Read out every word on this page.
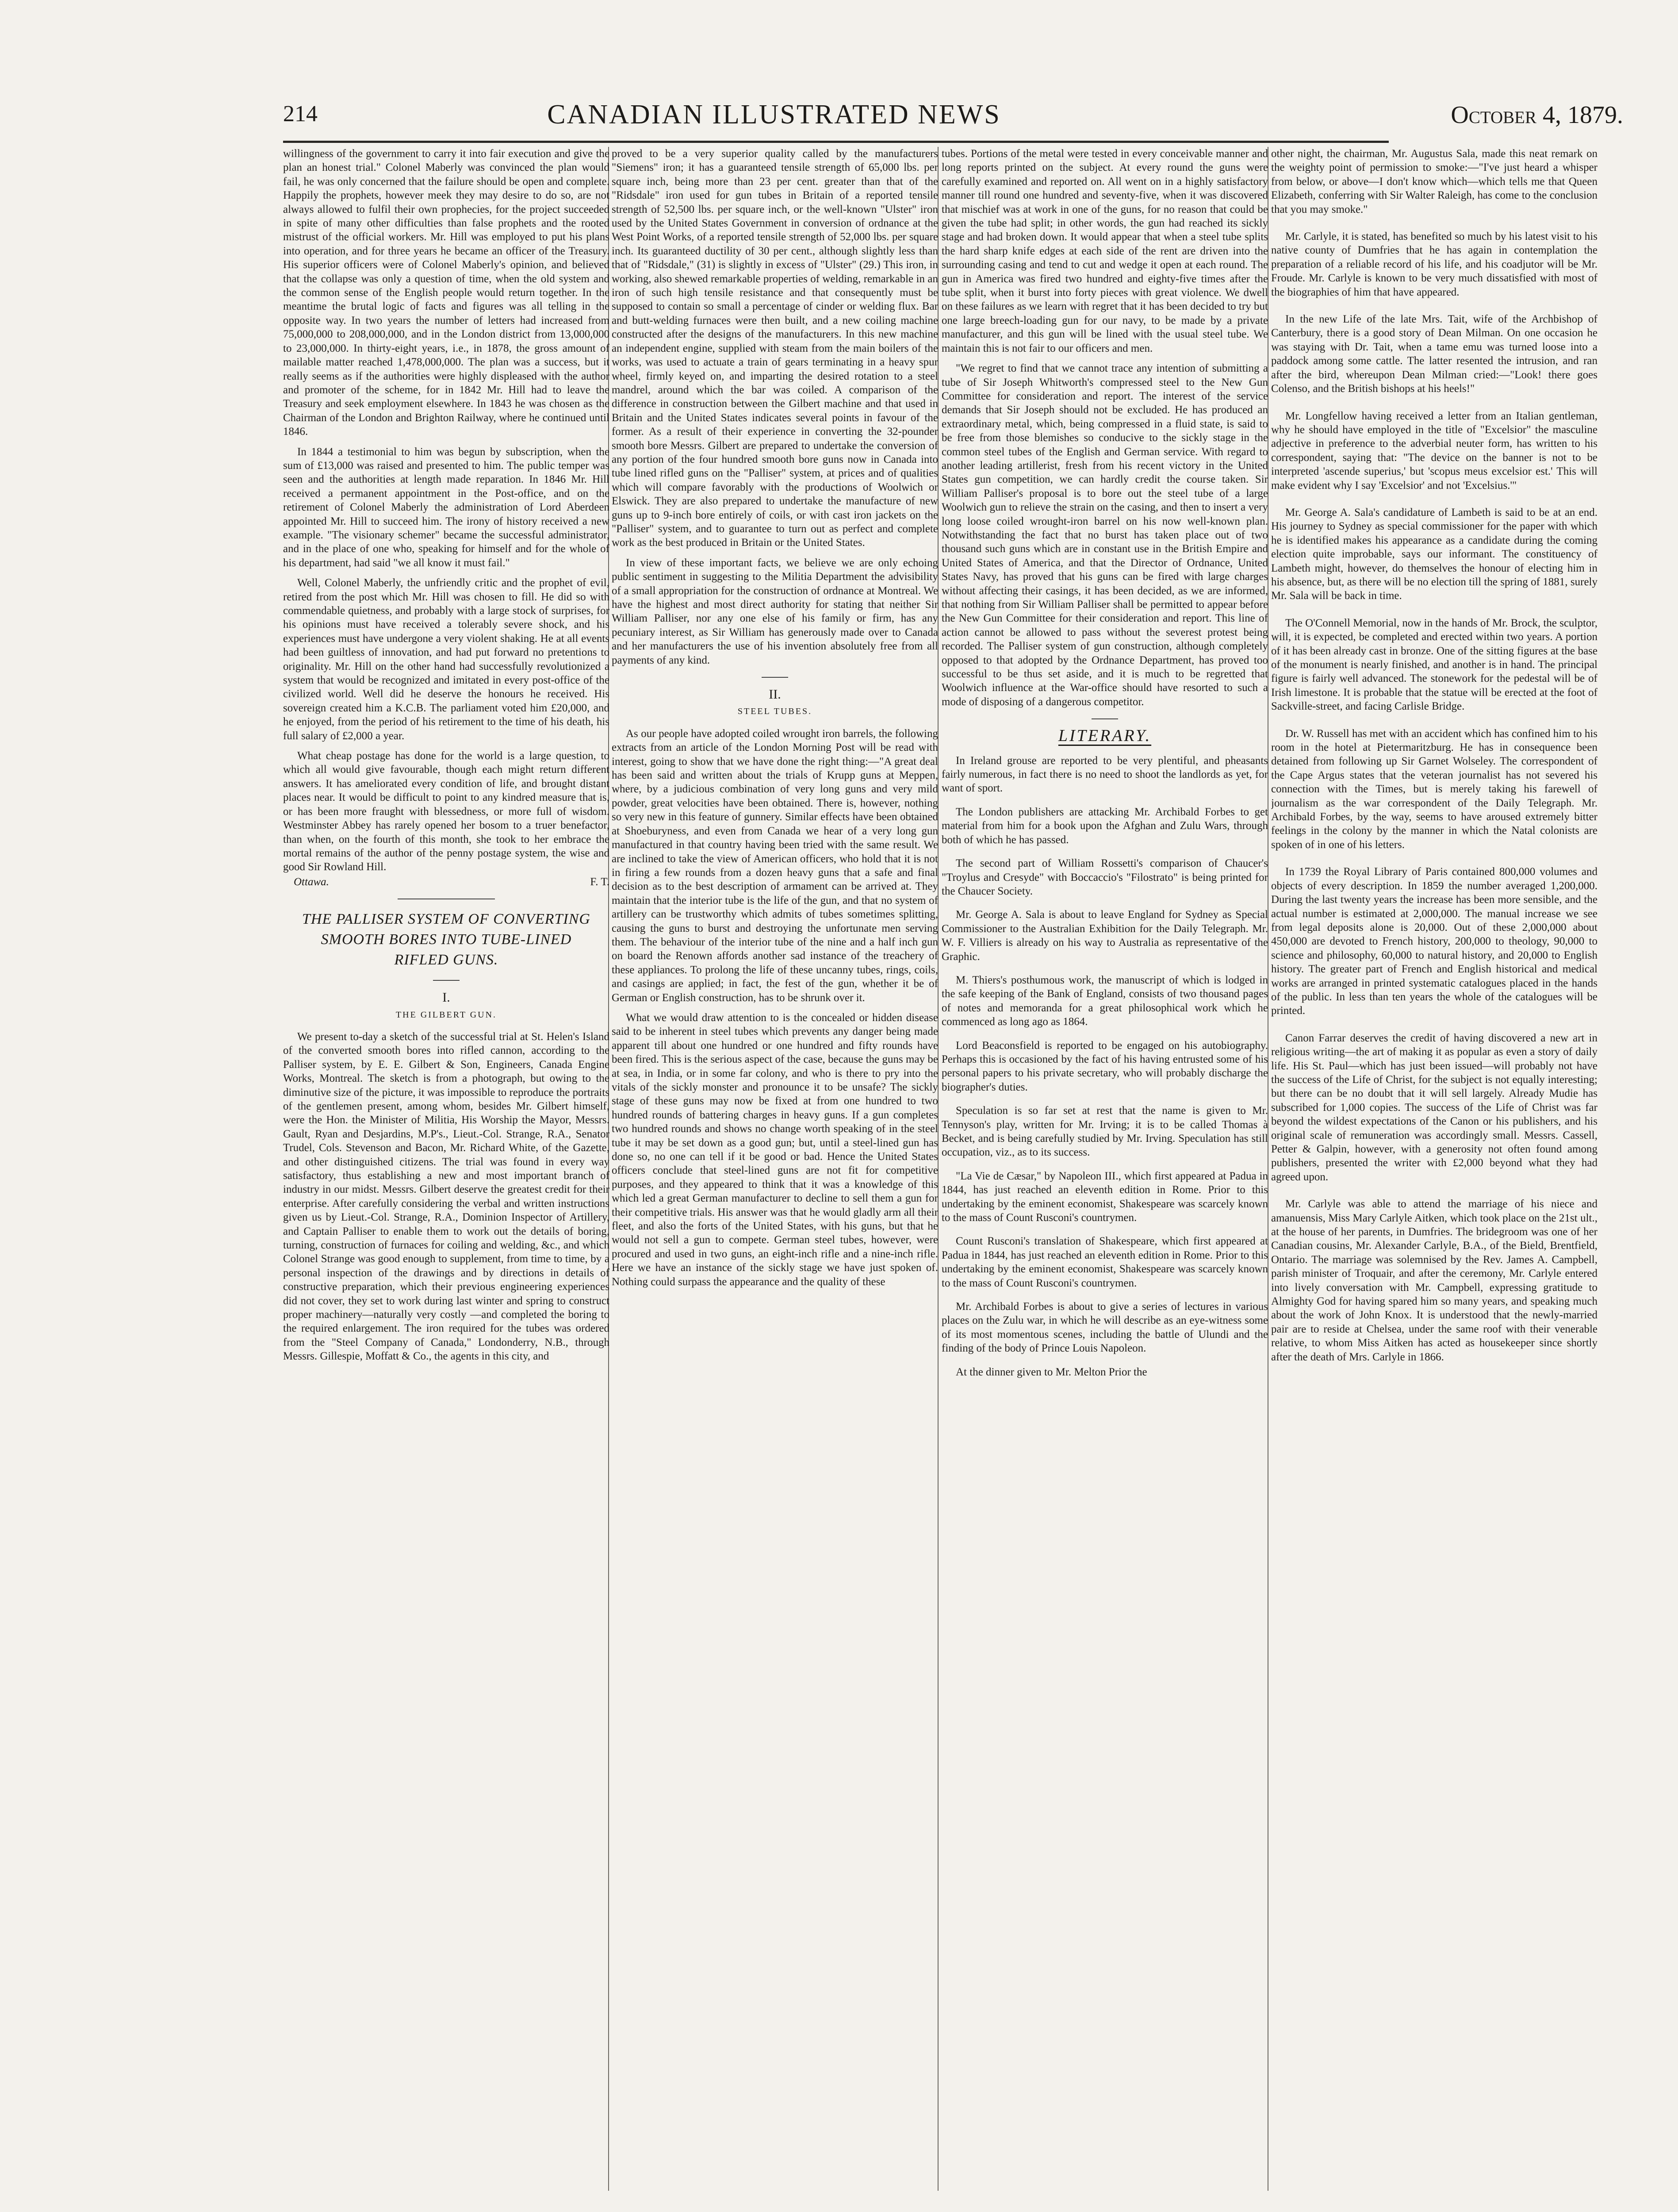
214	CANADIAN ILLUSTRATED NEWS	October 4, 1879.

willingness of the government to carry it into fair execution and give the plan an honest trial." Colonel Maberly was convinced the plan would fail, he was only concerned that the failure should be open and complete. Happily the prophets, however meek they may desire to do so, are not always allowed to fulfil their own prophecies, for the project succeeded in spite of many other difficulties than false prophets and the rooted mistrust of the official workers. Mr. Hill was employed to put his plans into operation, and for three years he became an officer of the Treasury. His superior officers were of Colonel Maberly's opinion, and believed that the collapse was only a question of time, when the old system and the common sense of the English people would return together. In the meantime the brutal logic of facts and figures was all telling in the opposite way. In two years the number of letters had increased from 75,000,000 to 208,000,000, and in the London district from 13,000,000 to 23,000,000. In thirty-eight years, i.e., in 1878, the gross amount of mailable matter reached 1,478,000,000. The plan was a success, but it really seems as if the authorities were highly displeased with the author and promoter of the scheme, for in 1842 Mr. Hill had to leave the Treasury and seek employment elsewhere. In 1843 he was chosen as the Chairman of the London and Brighton Railway, where he continued until 1846.

In 1844 a testimonial to him was begun by subscription, when the sum of £13,000 was raised and presented to him. The public temper was seen and the authorities at length made reparation. In 1846 Mr. Hill received a permanent appointment in the Post-office, and on the retirement of Colonel Maberly the administration of Lord Aberdeen appointed Mr. Hill to succeed him. The irony of history received a new example. "The visionary schemer" became the successful administrator, and in the place of one who, speaking for himself and for the whole of his department, had said "we all know it must fail."

Well, Colonel Maberly, the unfriendly critic and the prophet of evil, retired from the post which Mr. Hill was chosen to fill. He did so with commendable quietness, and probably with a large stock of surprises, for his opinions must have received a tolerably severe shock, and his experiences must have undergone a very violent shaking. He at all events had been guiltless of innovation, and had put forward no pretentions to originality. Mr. Hill on the other hand had successfully revolutionized a system that would be recognized and imitated in every post-office of the civilized world. Well did he deserve the honours he received. His sovereign created him a K.C.B. The parliament voted him £20,000, and he enjoyed, from the period of his retirement to the time of his death, his full salary of £2,000 a year.

What cheap postage has done for the world is a large question, to which all would give favourable, though each might return different answers. It has ameliorated every condition of life, and brought distant places near. It would be difficult to point to any kindred measure that is, or has been more fraught with blessedness, or more full of wisdom. Westminster Abbey has rarely opened her bosom to a truer benefactor, than when, on the fourth of this month, she took to her embrace the mortal remains of the author of the penny postage system, the wise and good Sir Rowland Hill.

Ottawa.	F. T.
THE PALLISER SYSTEM OF CONVERTING SMOOTH BORES INTO TUBE-LINED RIFLED GUNS.
I.
THE GILBERT GUN.

We present to-day a sketch of the successful trial at St. Helen's Island of the converted smooth bores into rifled cannon, according to the Palliser system, by E. E. Gilbert & Son, Engineers, Canada Engine Works, Montreal. The sketch is from a photograph, but owing to the diminutive size of the picture, it was impossible to reproduce the portraits of the gentlemen present, among whom, besides Mr. Gilbert himself, were the Hon. the Minister of Militia, His Worship the Mayor, Messrs. Gault, Ryan and Desjardins, M.P's., Lieut.-Col. Strange, R.A., Senator Trudel, Cols. Stevenson and Bacon, Mr. Richard White, of the Gazette, and other distinguished citizens. The trial was found in every way satisfactory, thus establishing a new and most important branch of industry in our midst. Messrs. Gilbert deserve the greatest credit for their enterprise. After carefully considering the verbal and written instructions given us by Lieut.-Col. Strange, R.A., Dominion Inspector of Artillery, and Captain Palliser to enable them to work out the details of boring, turning, construction of furnaces for coiling and welding, &c., and which Colonel Strange was good enough to supplement, from time to time, by a personal inspection of the drawings and by directions in details of constructive preparation, which their previous engineering experiences did not cover, they set to work during last winter and spring to construct proper machinery—naturally very costly —and completed the boring to the required enlargement. The iron required for the tubes was ordered from the "Steel Company of Canada," Londonderry, N.B., through Messrs. Gillespie, Moffatt & Co., the agents in this city, and

proved to be a very superior quality called by the manufacturers "Siemens" iron; it has a guaranteed tensile strength of 65,000 lbs. per square inch, being more than 23 per cent. greater than that of the "Ridsdale" iron used for gun tubes in Britain of a reported tensile strength of 52,500 lbs. per square inch, or the well-known "Ulster" iron used by the United States Government in conversion of ordnance at the West Point Works, of a reported tensile strength of 52,000 lbs. per square inch. Its guaranteed ductility of 30 per cent., although slightly less than that of "Ridsdale," (31) is slightly in excess of "Ulster" (29.) This iron, in working, also shewed remarkable properties of welding, remarkable in an iron of such high tensile resistance and that consequently must be supposed to contain so small a percentage of cinder or welding flux. Bar and butt-welding furnaces were then built, and a new coiling machine constructed after the designs of the manufacturers. In this new machine an independent engine, supplied with steam from the main boilers of the works, was used to actuate a train of gears terminating in a heavy spur wheel, firmly keyed on, and imparting the desired rotation to a steel mandrel, around which the bar was coiled. A comparison of the difference in construction between the Gilbert machine and that used in Britain and the United States indicates several points in favour of the former. As a result of their experience in converting the 32-pounder smooth bore Messrs. Gilbert are prepared to undertake the conversion of any portion of the four hundred smooth bore guns now in Canada into tube lined rifled guns on the "Palliser" system, at prices and of qualities which will compare favorably with the productions of Woolwich or Elswick. They are also prepared to undertake the manufacture of new guns up to 9-inch bore entirely of coils, or with cast iron jackets on the "Palliser" system, and to guarantee to turn out as perfect and complete work as the best produced in Britain or the United States.

In view of these important facts, we believe we are only echoing public sentiment in suggesting to the Militia Department the advisibility of a small appropriation for the construction of ordnance at Montreal. We have the highest and most direct authority for stating that neither Sir William Palliser, nor any one else of his family or firm, has any pecuniary interest, as Sir William has generously made over to Canada and her manufacturers the use of his invention absolutely free from all payments of any kind.

II.
STEEL TUBES.

As our people have adopted coiled wrought iron barrels, the following extracts from an article of the London Morning Post will be read with interest, going to show that we have done the right thing:—"A great deal has been said and written about the trials of Krupp guns at Meppen, where, by a judicious combination of very long guns and very mild powder, great velocities have been obtained. There is, however, nothing so very new in this feature of gunnery. Similar effects have been obtained at Shoeburyness, and even from Canada we hear of a very long gun manufactured in that country having been tried with the same result. We are inclined to take the view of American officers, who hold that it is not in firing a few rounds from a dozen heavy guns that a safe and final decision as to the best description of armament can be arrived at. They maintain that the interior tube is the life of the gun, and that no system of artillery can be trustworthy which admits of tubes sometimes splitting, causing the guns to burst and destroying the unfortunate men serving them. The behaviour of the interior tube of the nine and a half inch gun on board the Renown affords another sad instance of the treachery of these appliances. To prolong the life of these uncanny tubes, rings, coils, and casings are applied; in fact, the fest of the gun, whether it be of German or English construction, has to be shrunk over it.

What we would draw attention to is the concealed or hidden disease said to be inherent in steel tubes which prevents any danger being made apparent till about one hundred or one hundred and fifty rounds have been fired. This is the serious aspect of the case, because the guns may be at sea, in India, or in some far colony, and who is there to pry into the vitals of the sickly monster and pronounce it to be unsafe? The sickly stage of these guns may now be fixed at from one hundred to two hundred rounds of battering charges in heavy guns. If a gun completes two hundred rounds and shows no change worth speaking of in the steel tube it may be set down as a good gun; but, until a steel-lined gun has done so, no one can tell if it be good or bad. Hence the United States officers conclude that steel-lined guns are not fit for competitive purposes, and they appeared to think that it was a knowledge of this which led a great German manufacturer to decline to sell them a gun for their competitive trials. His answer was that he would gladly arm all their fleet, and also the forts of the United States, with his guns, but that he would not sell a gun to compete. German steel tubes, however, were procured and used in two guns, an eight-inch rifle and a nine-inch rifle. Here we have an instance of the sickly stage we have just spoken of. Nothing could surpass the appearance and the quality of these

tubes. Portions of the metal were tested in every conceivable manner and long reports printed on the subject. At every round the guns were carefully examined and reported on. All went on in a highly satisfactory manner till round one hundred and seventy-five, when it was discovered that mischief was at work in one of the guns, for no reason that could be given the tube had split; in other words, the gun had reached its sickly stage and had broken down. It would appear that when a steel tube splits the hard sharp knife edges at each side of the rent are driven into the surrounding casing and tend to cut and wedge it open at each round. The gun in America was fired two hundred and eighty-five times after the tube split, when it burst into forty pieces with great violence. We dwell on these failures as we learn with regret that it has been decided to try but one large breech-loading gun for our navy, to be made by a private manufacturer, and this gun will be lined with the usual steel tube. We maintain this is not fair to our officers and men.

"We regret to find that we cannot trace any intention of submitting a tube of Sir Joseph Whitworth's compressed steel to the New Gun Committee for consideration and report. The interest of the service demands that Sir Joseph should not be excluded. He has produced an extraordinary metal, which, being compressed in a fluid state, is said to be free from those blemishes so conducive to the sickly stage in the common steel tubes of the English and German service. With regard to another leading artillerist, fresh from his recent victory in the United States gun competition, we can hardly credit the course taken. Sir William Palliser's proposal is to bore out the steel tube of a large Woolwich gun to relieve the strain on the casing, and then to insert a very long loose coiled wrought-iron barrel on his now well-known plan. Notwithstanding the fact that no burst has taken place out of two thousand such guns which are in constant use in the British Empire and United States of America, and that the Director of Ordnance, United States Navy, has proved that his guns can be fired with large charges without affecting their casings, it has been decided, as we are informed, that nothing from Sir William Palliser shall be permitted to appear before the New Gun Committee for their consideration and report. This line of action cannot be allowed to pass without the severest protest being recorded. The Palliser system of gun construction, although completely opposed to that adopted by the Ordnance Department, has proved too successful to be thus set aside, and it is much to be regretted that Woolwich influence at the War-office should have resorted to such a mode of disposing of a dangerous competitor.

LITERARY.

In Ireland grouse are reported to be very plentiful, and pheasants fairly numerous, in fact there is no need to shoot the landlords as yet, for want of sport.

The London publishers are attacking Mr. Archibald Forbes to get material from him for a book upon the Afghan and Zulu Wars, through both of which he has passed.

The second part of William Rossetti's comparison of Chaucer's "Troylus and Cresyde" with Boccaccio's "Filostrato" is being printed for the Chaucer Society.

Mr. George A. Sala is about to leave England for Sydney as Special Commissioner to the Australian Exhibition for the Daily Telegraph. Mr. W. F. Villiers is already on his way to Australia as representative of the Graphic.

M. Thiers's posthumous work, the manuscript of which is lodged in the safe keeping of the Bank of England, consists of two thousand pages of notes and memoranda for a great philosophical work which he commenced as long ago as 1864.

Lord Beaconsfield is reported to be engaged on his autobiography. Perhaps this is occasioned by the fact of his having entrusted some of his personal papers to his private secretary, who will probably discharge the biographer's duties.

Speculation is so far set at rest that the name is given to Mr. Tennyson's play, written for Mr. Irving; it is to be called Thomas à Becket, and is being carefully studied by Mr. Irving. Speculation has still occupation, viz., as to its success.

"La Vie de Cæsar," by Napoleon III., which first appeared at Padua in 1844, has just reached an eleventh edition in Rome. Prior to this undertaking by the eminent economist, Shakespeare was scarcely known to the mass of Count Rusconi's countrymen.

Count Rusconi's translation of Shakespeare, which first appeared at Padua in 1844, has just reached an eleventh edition in Rome. Prior to this undertaking by the eminent economist, Shakespeare was scarcely known to the mass of Count Rusconi's countrymen.

Mr. Archibald Forbes is about to give a series of lectures in various places on the Zulu war, in which he will describe as an eye-witness some of its most momentous scenes, including the battle of Ulundi and the finding of the body of Prince Louis Napoleon.

At the dinner given to Mr. Melton Prior the

other night, the chairman, Mr. Augustus Sala, made this neat remark on the weighty point of permission to smoke:—"I've just heard a whisper from below, or above—I don't know which—which tells me that Queen Elizabeth, conferring with Sir Walter Raleigh, has come to the conclusion that you may smoke."

Mr. Carlyle, it is stated, has benefited so much by his latest visit to his native county of Dumfries that he has again in contemplation the preparation of a reliable record of his life, and his coadjutor will be Mr. Froude. Mr. Carlyle is known to be very much dissatisfied with most of the biographies of him that have appeared.

In the new Life of the late Mrs. Tait, wife of the Archbishop of Canterbury, there is a good story of Dean Milman. On one occasion he was staying with Dr. Tait, when a tame emu was turned loose into a paddock among some cattle. The latter resented the intrusion, and ran after the bird, whereupon Dean Milman cried:—"Look! there goes Colenso, and the British bishops at his heels!"

Mr. Longfellow having received a letter from an Italian gentleman, why he should have employed in the title of "Excelsior" the masculine adjective in preference to the adverbial neuter form, has written to his correspondent, saying that: "The device on the banner is not to be interpreted 'ascende superius,' but 'scopus meus excelsior est.' This will make evident why I say 'Excelsior' and not 'Excelsius.'"

Mr. George A. Sala's candidature of Lambeth is said to be at an end. His journey to Sydney as special commissioner for the paper with which he is identified makes his appearance as a candidate during the coming election quite improbable, says our informant. The constituency of Lambeth might, however, do themselves the honour of electing him in his absence, but, as there will be no election till the spring of 1881, surely Mr. Sala will be back in time.

The O'Connell Memorial, now in the hands of Mr. Brock, the sculptor, will, it is expected, be completed and erected within two years. A portion of it has been already cast in bronze. One of the sitting figures at the base of the monument is nearly finished, and another is in hand. The principal figure is fairly well advanced. The stonework for the pedestal will be of Irish limestone. It is probable that the statue will be erected at the foot of Sackville-street, and facing Carlisle Bridge.

Dr. W. Russell has met with an accident which has confined him to his room in the hotel at Pietermaritzburg. He has in consequence been detained from following up Sir Garnet Wolseley. The correspondent of the Cape Argus states that the veteran journalist has not severed his connection with the Times, but is merely taking his farewell of journalism as the war correspondent of the Daily Telegraph. Mr. Archibald Forbes, by the way, seems to have aroused extremely bitter feelings in the colony by the manner in which the Natal colonists are spoken of in one of his letters.

In 1739 the Royal Library of Paris contained 800,000 volumes and objects of every description. In 1859 the number averaged 1,200,000. During the last twenty years the increase has been more sensible, and the actual number is estimated at 2,000,000. The manual increase we see from legal deposits alone is 20,000. Out of these 2,000,000 about 450,000 are devoted to French history, 200,000 to theology, 90,000 to science and philosophy, 60,000 to natural history, and 20,000 to English history. The greater part of French and English historical and medical works are arranged in printed systematic catalogues placed in the hands of the public. In less than ten years the whole of the catalogues will be printed.

Canon Farrar deserves the credit of having discovered a new art in religious writing—the art of making it as popular as even a story of daily life. His St. Paul—which has just been issued—will probably not have the success of the Life of Christ, for the subject is not equally interesting; but there can be no doubt that it will sell largely. Already Mudie has subscribed for 1,000 copies. The success of the Life of Christ was far beyond the wildest expectations of the Canon or his publishers, and his original scale of remuneration was accordingly small. Messrs. Cassell, Petter & Galpin, however, with a generosity not often found among publishers, presented the writer with £2,000 beyond what they had agreed upon.

Mr. Carlyle was able to attend the marriage of his niece and amanuensis, Miss Mary Carlyle Aitken, which took place on the 21st ult., at the house of her parents, in Dumfries. The bridegroom was one of her Canadian cousins, Mr. Alexander Carlyle, B.A., of the Bield, Brentfield, Ontario. The marriage was solemnised by the Rev. James A. Campbell, parish minister of Troquair, and after the ceremony, Mr. Carlyle entered into lively conversation with Mr. Campbell, expressing gratitude to Almighty God for having spared him so many years, and speaking much about the work of John Knox. It is understood that the newly-married pair are to reside at Chelsea, under the same roof with their venerable relative, to whom Miss Aitken has acted as housekeeper since shortly after the death of Mrs. Carlyle in 1866.
